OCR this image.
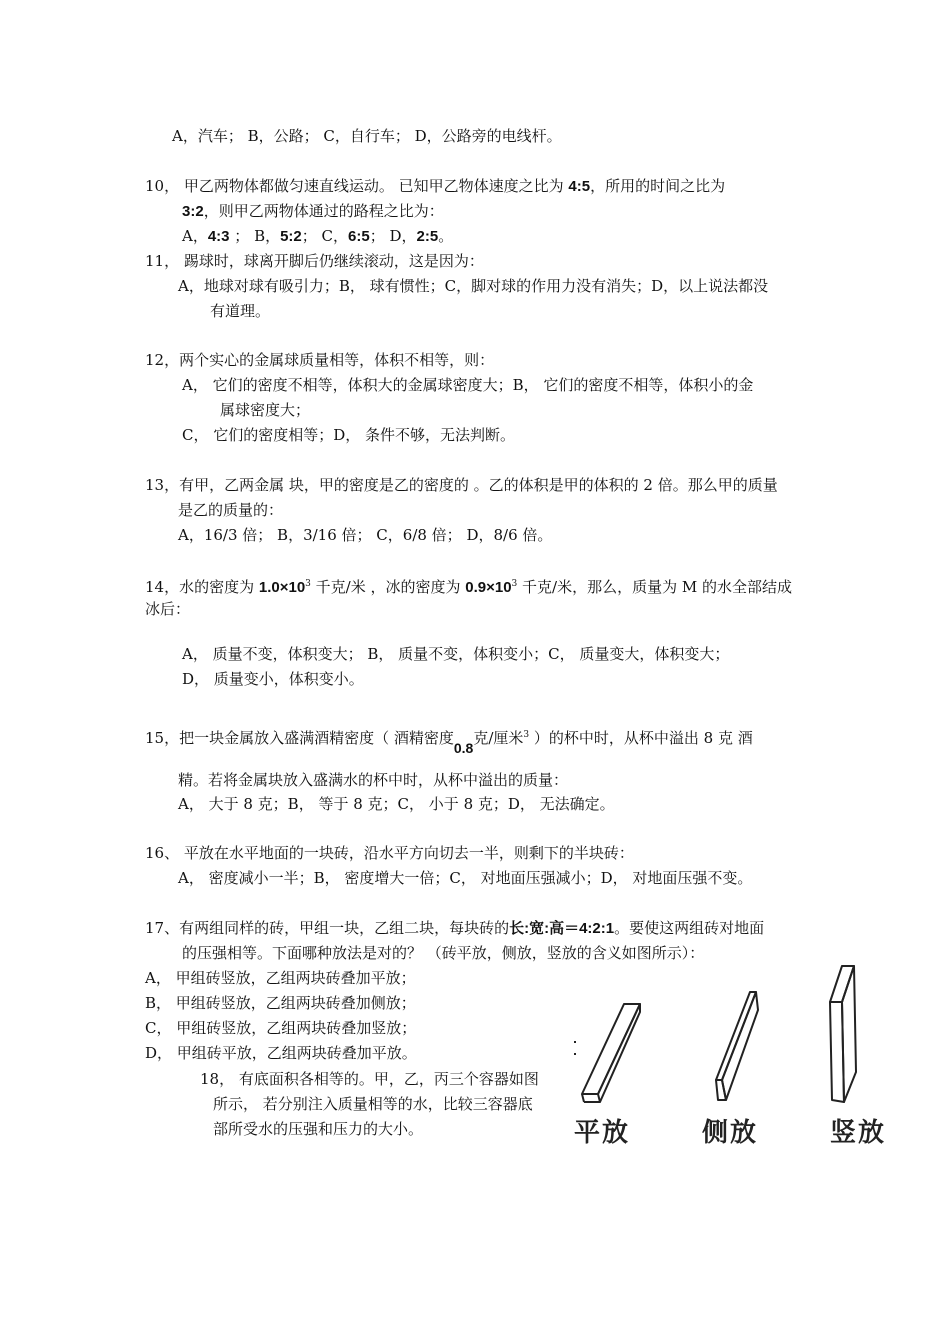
A，汽车； B，公路； C，自行车； D，公路旁的电线杆。
10， 甲乙两物体都做匀速直线运动。 已知甲乙物体速度之比为 4:5，所用的时间之比为
3:2，则甲乙两物体通过的路程之比为：
A，4:3 ； B，5:2； C，6:5； D，2:5。
11， 踢球时，球离开脚后仍继续滚动，这是因为：
A，地球对球有吸引力；B， 球有惯性；C，脚对球的作用力没有消失；D，以上说法都没
有道理。
12，两个实心的金属球质量相等，体积不相等，则：
A， 它们的密度不相等，体积大的金属球密度大；B， 它们的密度不相等，体积小的金
属球密度大；
C， 它们的密度相等；D， 条件不够，无法判断。
13，有甲，乙两金属 块，甲的密度是乙的密度的 。乙的体积是甲的体积的 2 倍。那么甲的质量
是乙的质量的：
A，16/3 倍； B，3/16 倍； C，6/8 倍； D，8/6 倍。
14，水的密度为 $1.0\times 10^3$ 千克/米 ，冰的密度为 $0.9\times 10^3$ 千克/米，那么，质量为 M 的水全部结成
冰后：
A， 质量不变，体积变大； B， 质量不变，体积变小；C， 质量变大，体积变大；
D， 质量变小，体积变小。
15，把一块金属放入盛满酒精密度（ 酒精密度0.8克/厘米$^3$ ）的杯中时，从杯中溢出 8 克 酒
精。若将金属块放入盛满水的杯中时，从杯中溢出的质量：
A， 大于 8 克；B， 等于 8 克；C， 小于 8 克；D， 无法确定。
16、 平放在水平地面的一块砖，沿水平方向切去一半，则剩下的半块砖：
A， 密度减小一半；B， 密度增大一倍；C， 对地面压强减小；D， 对地面压强不变。
17、有两组同样的砖，甲组一块，乙组二块，每块砖的长:宽:高＝4:2:1。要使这两组砖对地面
的压强相等。下面哪种放法是对的？ （砖平放，侧放，竖放的含义如图所示）：
A， 甲组砖竖放，乙组两块砖叠加平放；
B， 甲组砖竖放，乙组两块砖叠加侧放；
C， 甲组砖竖放，乙组两块砖叠加竖放；
D， 甲组砖平放，乙组两块砖叠加平放。
18， 有底面积各相等的。甲，乙，丙三个容器如图
所示， 若分别注入质量相等的水，比较三容器底
部所受水的压强和压力的大小。	平放	侧放	竖放
